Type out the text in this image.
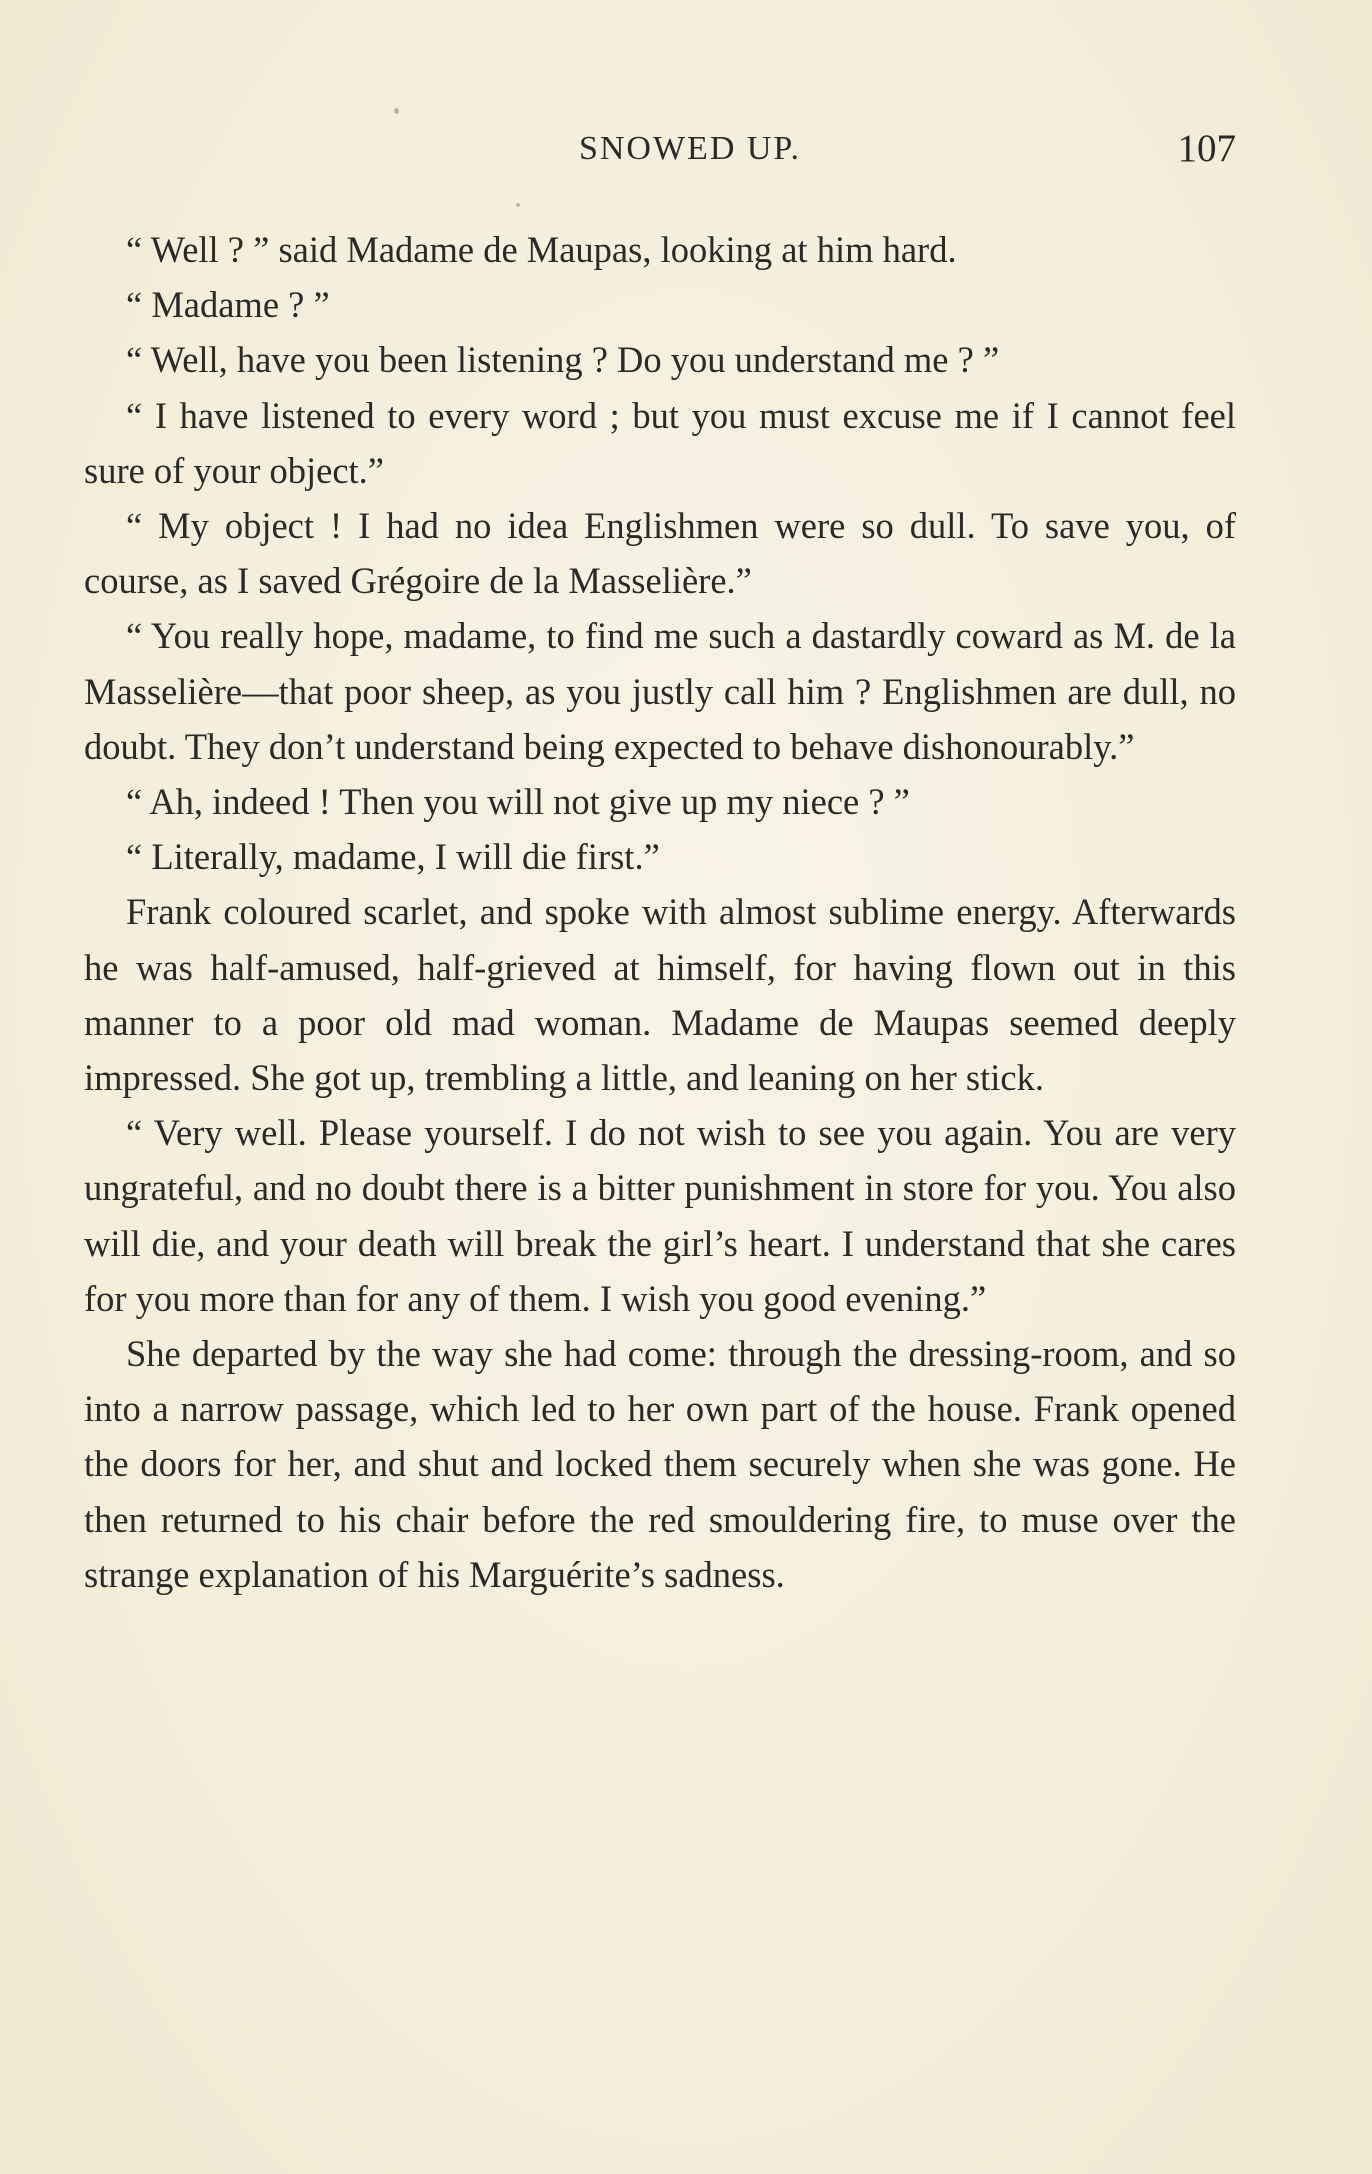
SNOWED UP.	107

“ Well ? ” said Madame de Maupas, looking at him hard.

“ Madame ? ”

“ Well, have you been listening ? Do you understand me ? ”

“ I have listened to every word ; but you must excuse me if I cannot feel sure of your object.”

“ My object ! I had no idea Englishmen were so dull. To save you, of course, as I saved Grégoire de la Masselière.”

“ You really hope, madame, to find me such a dastardly coward as M. de la Masselière—that poor sheep, as you justly call him ? Englishmen are dull, no doubt. They don’t understand being expected to behave dishonourably.”

“ Ah, indeed ! Then you will not give up my niece ? ”

“ Literally, madame, I will die first.”

Frank coloured scarlet, and spoke with almost sublime energy. Afterwards he was half-amused, half-grieved at himself, for having flown out in this manner to a poor old mad woman. Madame de Maupas seemed deeply impressed. She got up, trembling a little, and leaning on her stick.

“ Very well. Please yourself. I do not wish to see you again. You are very ungrateful, and no doubt there is a bitter punishment in store for you. You also will die, and your death will break the girl’s heart. I understand that she cares for you more than for any of them. I wish you good evening.”

She departed by the way she had come: through the dressing-room, and so into a narrow passage, which led to her own part of the house. Frank opened the doors for her, and shut and locked them securely when she was gone. He then returned to his chair before the red smouldering fire, to muse over the strange explanation of his Marguérite’s sadness.
